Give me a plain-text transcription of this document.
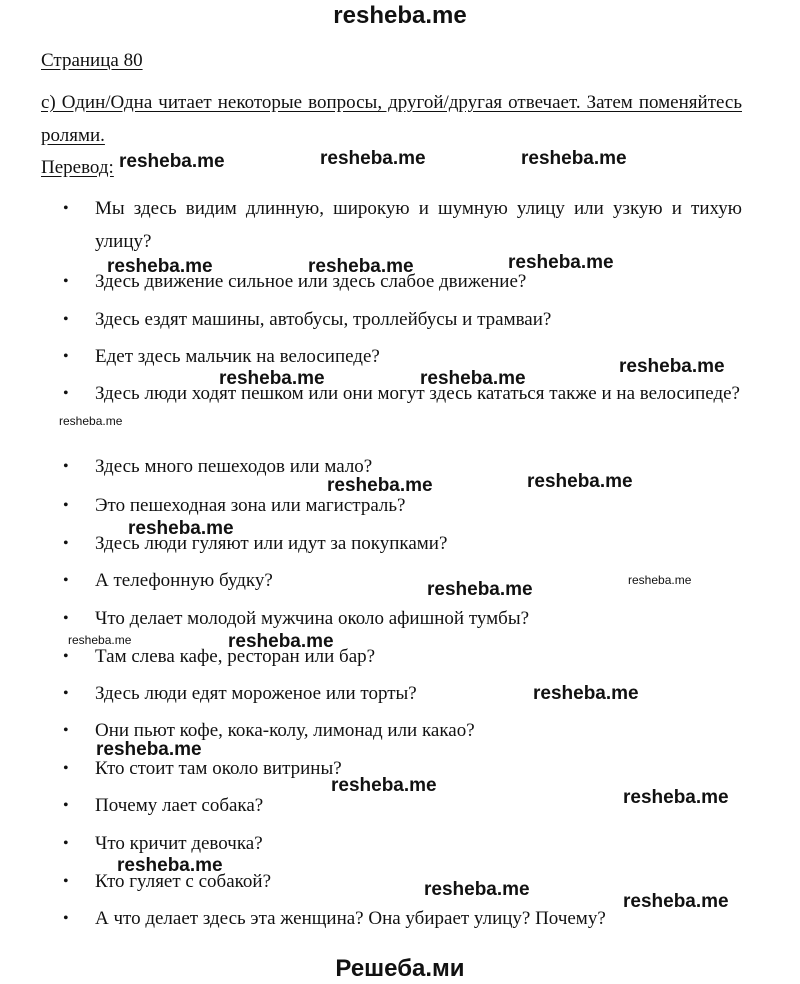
resheba.me
Страница 80
c) Один/Одна читает некоторые вопросы, другой/другая отвечает. Затем поменяйтесь ролями.
Перевод:
• Мы здесь видим длинную, широкую и шумную улицу или узкую и тихую улицу?
• Здесь движение сильное или здесь слабое движение?
• Здесь ездят машины, автобусы, троллейбусы и трамваи?
• Едет здесь мальчик на велосипеде?
• Здесь люди ходят пешком или они могут здесь кататься также и на велосипеде?
• Здесь много пешеходов или мало?
• Это пешеходная зона или магистраль?
• Здесь люди гуляют или идут за покупками?
• А телефонную будку?
• Что делает молодой мужчина около афишной тумбы?
• Там слева кафе, ресторан или бар?
• Здесь люди едят мороженое или торты?
• Они пьют кофе, кока-колу, лимонад или какао?
• Кто стоит там около витрины?
• Почему лает собака?
• Что кричит девочка?
• Кто гуляет с собакой?
• А что делает здесь эта женщина? Она убирает улицу? Почему?
resheba.me	resheba.me	resheba.me
resheba.me	resheba.me	resheba.me
resheba.me
resheba.me	resheba.me
resheba.me
resheba.me	resheba.me
resheba.me
resheba.me	resheba.me
resheba.me	resheba.me
resheba.me
resheba.me
resheba.me
resheba.me
resheba.me
resheba.me
resheba.me
Решеба.ми
